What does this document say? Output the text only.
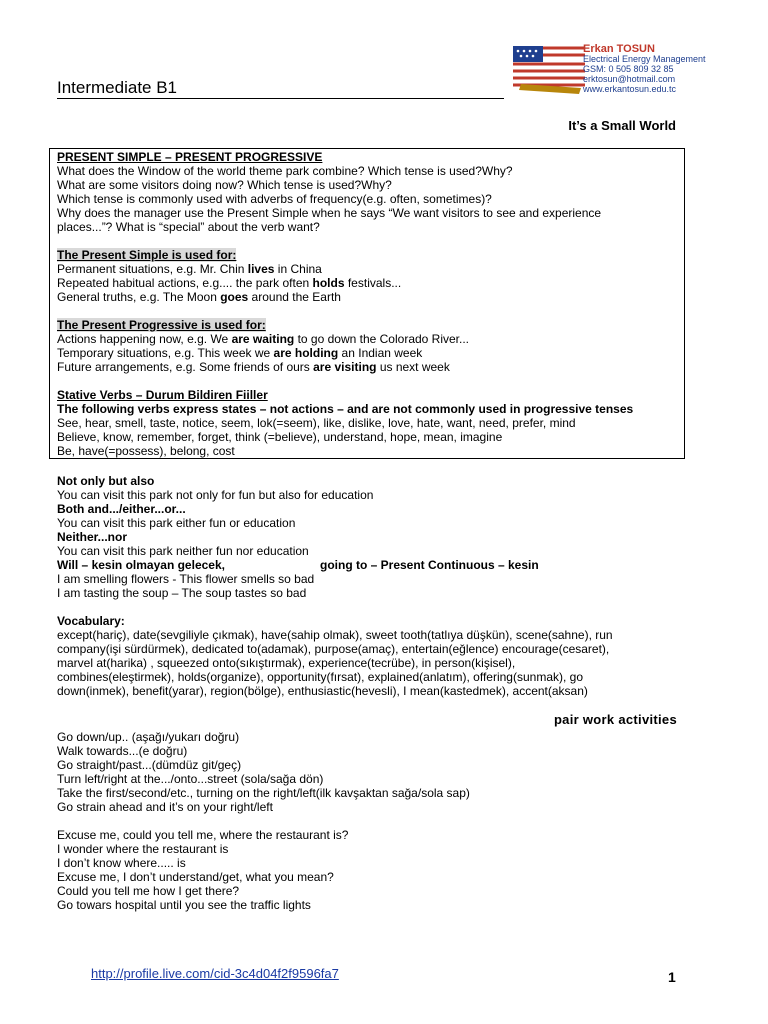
Intermediate B1
Erkan TOSUN
Electrical Energy Management
GSM: 0 505 809 32 85
erktosun@hotmail.com
www.erkantosun.edu.tc
It’s a Small World
PRESENT SIMPLE – PRESENT PROGRESSIVE
What does the Window of the world theme park combine? Which tense is used?Why?
What are some visitors doing now? Which tense is used?Why?
Which tense is commonly used with adverbs of frequency(e.g. often, sometimes)?
Why does the manager use the Present Simple when he says “We want visitors to see and experience
places...”? What is “special” about the verb want?
The Present Simple is used for:
Permanent situations, e.g. Mr. Chin lives in China
Repeated habitual actions, e.g.... the park often holds festivals...
General truths, e.g. The Moon goes around the Earth
The Present Progressive is used for:
Actions happening now, e.g. We are waiting to go down the Colorado River...
Temporary situations, e.g. This week we are holding an Indian week
Future arrangements, e.g. Some friends of ours are visiting us next week
Stative Verbs – Durum Bildiren Fiiller
The following verbs express states – not actions – and are not commonly used in progressive tenses
See, hear, smell, taste, notice, seem, lok(=seem), like, dislike, love, hate, want, need, prefer, mind
Believe, know, remember, forget, think (=believe), understand, hope, mean, imagine
Be, have(=possess), belong, cost
Not only but also
You can visit this park not only for fun but also for education
Both and.../either...or...
You can visit this park either fun or education
Neither...nor
You can visit this park neither fun nor education
Will – kesin olmayan gelecek,	going to – Present Continuous – kesin
I am smelling flowers - This flower smells so bad
I am tasting the soup – The soup tastes so bad
Vocabulary:
except(hariç), date(sevgiliyle çıkmak), have(sahip olmak), sweet tooth(tatlıya düşkün), scene(sahne), run
company(işi sürdürmek), dedicated to(adamak), purpose(amaç), entertain(eğlence) encourage(cesaret),
marvel at(harika) , squeezed onto(sıkıştırmak), experience(tecrübe), in person(kişisel),
combines(eleştirmek), holds(organize), opportunity(fırsat), explained(anlatım), offering(sunmak), go
down(inmek), benefit(yarar), region(bölge), enthusiastic(hevesli), I mean(kastedmek), accent(aksan)
pair work activities
Go down/up.. (aşağı/yukarı doğru)
Walk towards...(e doğru)
Go straight/past...(dümdüz git/geç)
Turn left/right at the.../onto...street (sola/sağa dön)
Take the first/second/etc., turning on the right/left(ilk kavşaktan sağa/sola sap)
Go strain ahead and it’s on your right/left
Excuse me, could you tell me, where the restaurant is?
I wonder where the restaurant is
I don’t know where..... is
Excuse me, I don’t understand/get, what you mean?
Could you tell me how I get there?
Go towars hospital until you see the traffic lights
http://profile.live.com/cid-3c4d04f2f9596fa7	1
